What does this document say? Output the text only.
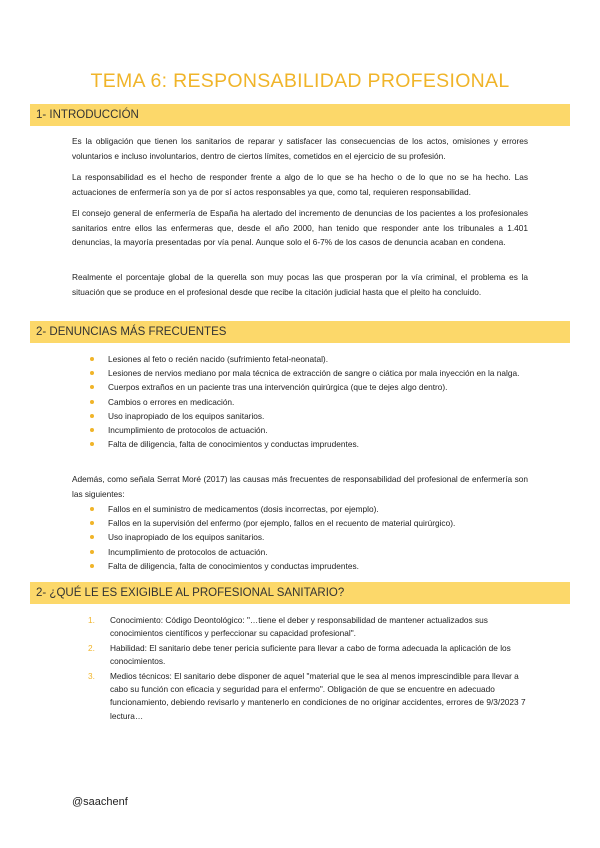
TEMA 6: RESPONSABILIDAD PROFESIONAL
1- INTRODUCCIÓN
Es la obligación que tienen los sanitarios de reparar y satisfacer las consecuencias de los actos, omisiones y errores voluntarios e incluso involuntarios, dentro de ciertos límites, cometidos en el ejercicio de su profesión.
La responsabilidad es el hecho de responder frente a algo de lo que se ha hecho o de lo que no se ha hecho. Las actuaciones de enfermería son ya de por sí actos responsables ya que, como tal, requieren responsabilidad.
El consejo general de enfermería de España ha alertado del incremento de denuncias de los pacientes a los profesionales sanitarios entre ellos las enfermeras que, desde el año 2000, han tenido que responder ante los tribunales a 1.401 denuncias, la mayoría presentadas por vía penal. Aunque solo el 6-7% de los casos de denuncia acaban en condena.
Realmente el porcentaje global de la querella son muy pocas las que prosperan por la vía criminal, el problema es la situación que se produce en el profesional desde que recibe la citación judicial hasta que el pleito ha concluido.
2- DENUNCIAS MÁS FRECUENTES
Lesiones al feto o recién nacido (sufrimiento fetal-neonatal).
Lesiones de nervios mediano por mala técnica de extracción de sangre o ciática por mala inyección en la nalga.
Cuerpos extraños en un paciente tras una intervención quirúrgica (que te dejes algo dentro).
Cambios o errores en medicación.
Uso inapropiado de los equipos sanitarios.
Incumplimiento de protocolos de actuación.
Falta de diligencia, falta de conocimientos y conductas imprudentes.
Además, como señala Serrat Moré (2017) las causas más frecuentes de responsabilidad del profesional de enfermería son las siguientes:
Fallos en el suministro de medicamentos (dosis incorrectas, por ejemplo).
Fallos en la supervisión del enfermo (por ejemplo, fallos en el recuento de material quirúrgico).
Uso inapropiado de los equipos sanitarios.
Incumplimiento de protocolos de actuación.
Falta de diligencia, falta de conocimientos y conductas imprudentes.
2- ¿QUÉ LE ES EXIGIBLE AL PROFESIONAL SANITARIO?
1. Conocimiento: Código Deontológico: "…tiene el deber y responsabilidad de mantener actualizados sus conocimientos científicos y perfeccionar su capacidad profesional".
2. Habilidad: El sanitario debe tener pericia suficiente para llevar a cabo de forma adecuada la aplicación de los conocimientos.
3. Medios técnicos: El sanitario debe disponer de aquel "material que le sea al menos imprescindible para llevar a cabo su función con eficacia y seguridad para el enfermo". Obligación de que se encuentre en adecuado funcionamiento, debiendo revisarlo y mantenerlo en condiciones de no originar accidentes, errores de 9/3/2023 7 lectura…
@saachenf
